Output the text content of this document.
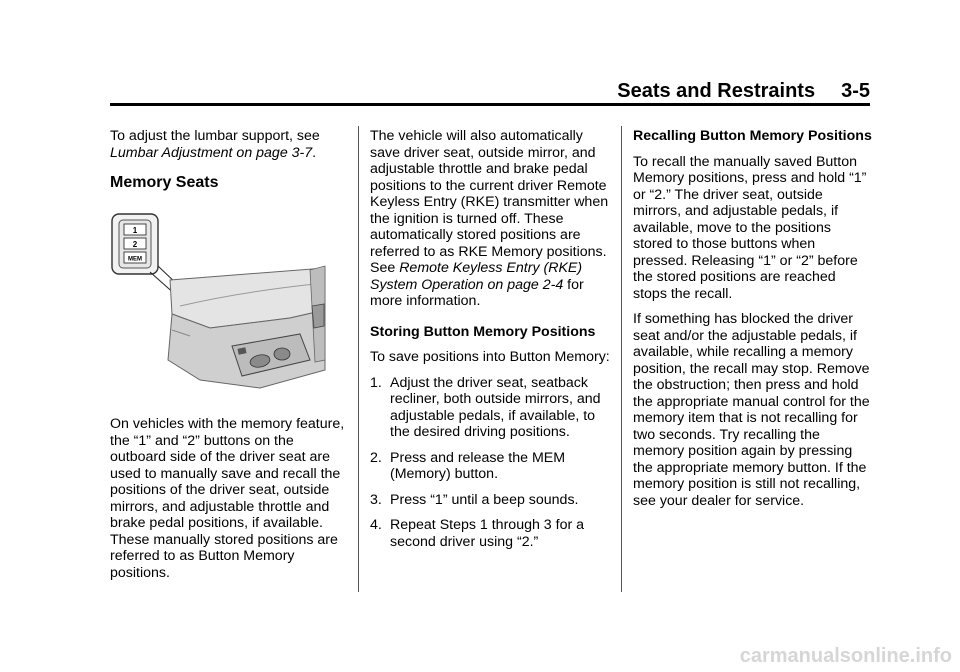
Seats and Restraints 3-5

To adjust the lumbar support, see Lumbar Adjustment on page 3-7.

Memory Seats
1
2
MEM

On vehicles with the memory feature, the “1” and “2” buttons on the outboard side of the driver seat are used to manually save and recall the positions of the driver seat, outside mirrors, and adjustable throttle and brake pedal positions, if available. These manually stored positions are referred to as Button Memory positions.

The vehicle will also automatically save driver seat, outside mirror, and adjustable throttle and brake pedal positions to the current driver Remote Keyless Entry (RKE) transmitter when the ignition is turned off. These automatically stored positions are referred to as RKE Memory positions. See Remote Keyless Entry (RKE) System Operation on page 2-4 for more information.

Storing Button Memory Positions

To save positions into Button Memory:

1. Adjust the driver seat, seatback recliner, both outside mirrors, and adjustable pedals, if available, to the desired driving positions.
2. Press and release the MEM (Memory) button.
3. Press “1” until a beep sounds.
4. Repeat Steps 1 through 3 for a second driver using “2.”
Recalling Button Memory Positions

To recall the manually saved Button Memory positions, press and hold “1” or “2.” The driver seat, outside mirrors, and adjustable pedals, if available, move to the positions stored to those buttons when pressed. Releasing “1” or “2” before the stored positions are reached stops the recall.

If something has blocked the driver seat and/or the adjustable pedals, if available, while recalling a memory position, the recall may stop. Remove the obstruction; then press and hold the appropriate manual control for the memory item that is not recalling for two seconds. Try recalling the memory position again by pressing the appropriate memory button. If the memory position is still not recalling, see your dealer for service.

carmanualsonline.info
